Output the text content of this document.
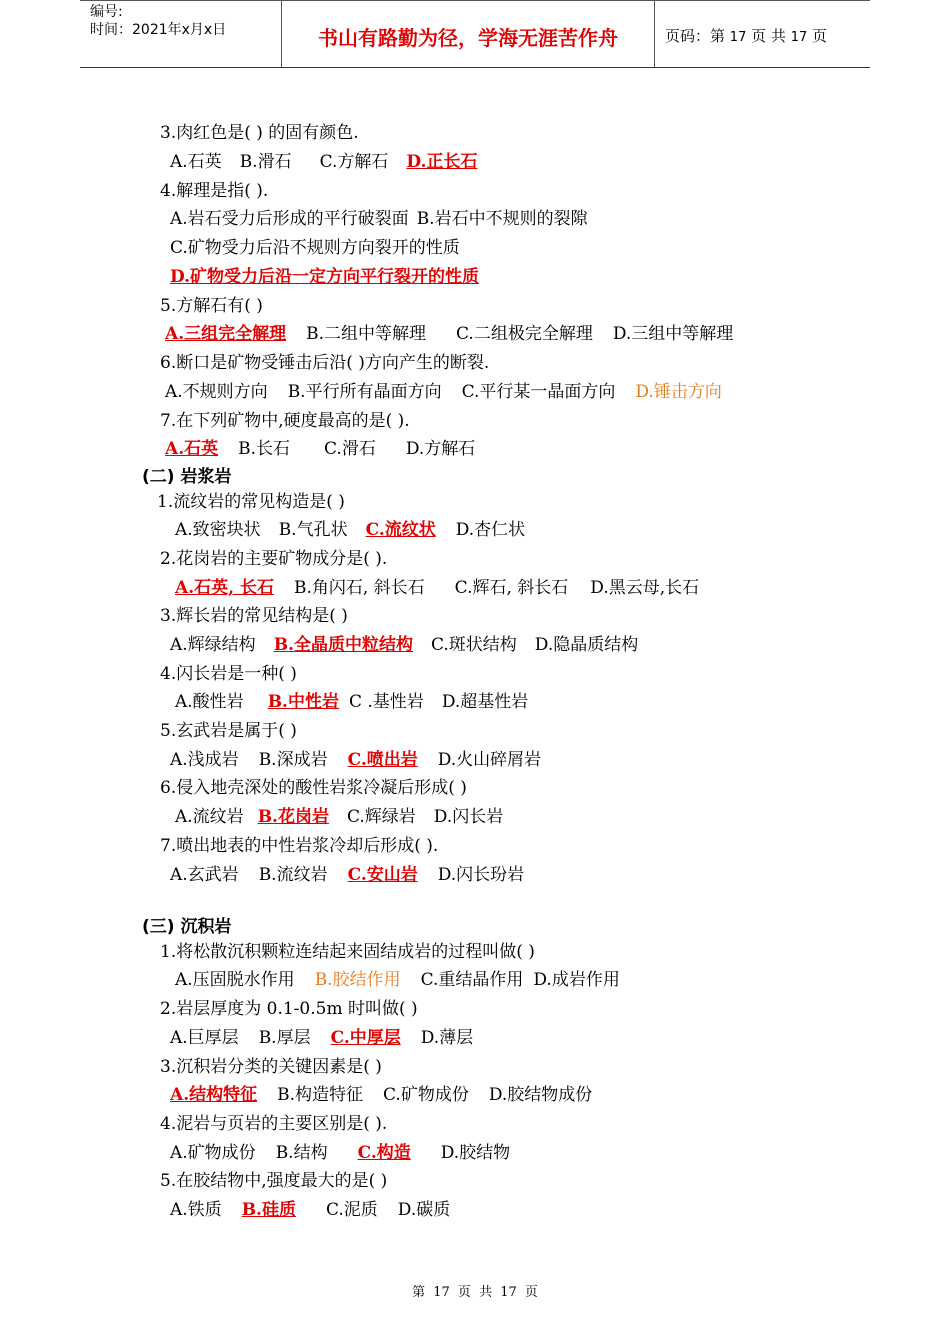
编号:
时间：2021年x月x日	书山有路勤为径，学海无涯苦作舟	页码：第 17 页 共 17 页
3.肉红色是( ) 的固有颜色.
A.石英 B.滑石 C.方解石 D.正长石
4.解理是指( ).
A.岩石受力后形成的平行破裂面 B.岩石中不规则的裂隙
C.矿物受力后沿不规则方向裂开的性质
D.矿物受力后沿一定方向平行裂开的性质
5.方解石有( )
A.三组完全解理 B.二组中等解理 C.二组极完全解理 D.三组中等解理
6.断口是矿物受锤击后沿( )方向产生的断裂.
A.不规则方向 B.平行所有晶面方向 C.平行某一晶面方向 D.锤击方向
7.在下列矿物中,硬度最高的是( ).
A.石英 B.长石 C.滑石 D.方解石
(二) 岩浆岩
1.流纹岩的常见构造是( )
A.致密块状 B.气孔状 C.流纹状 D.杏仁状
2.花岗岩的主要矿物成分是( ).
A.石英, 长石 B.角闪石, 斜长石 C.辉石, 斜长石 D.黑云母,长石
3.辉长岩的常见结构是( )
A.辉绿结构 B.全晶质中粒结构 C.斑状结构 D.隐晶质结构
4.闪长岩是一种( )
A.酸性岩 B.中性岩 C .基性岩 D.超基性岩
5.玄武岩是属于( )
A.浅成岩 B.深成岩 C.喷出岩 D.火山碎屑岩
6.侵入地壳深处的酸性岩浆冷凝后形成( )
A.流纹岩 B.花岗岩 C.辉绿岩 D.闪长岩
7.喷出地表的中性岩浆冷却后形成( ).
A.玄武岩 B.流纹岩 C.安山岩 D.闪长玢岩
(三) 沉积岩
1.将松散沉积颗粒连结起来固结成岩的过程叫做( )
A.压固脱水作用 B.胶结作用 C.重结晶作用 D.成岩作用
2.岩层厚度为 0.1-0.5m 时叫做( )
A.巨厚层 B.厚层 C.中厚层 D.薄层
3.沉积岩分类的关键因素是( )
A.结构特征 B.构造特征 C.矿物成份 D.胶结物成份
4.泥岩与页岩的主要区别是( ).
A.矿物成份 B.结构 C.构造 D.胶结物
5.在胶结物中,强度最大的是( )
A.铁质 B.硅质 C.泥质 D.碳质
第 17 页 共 17 页
